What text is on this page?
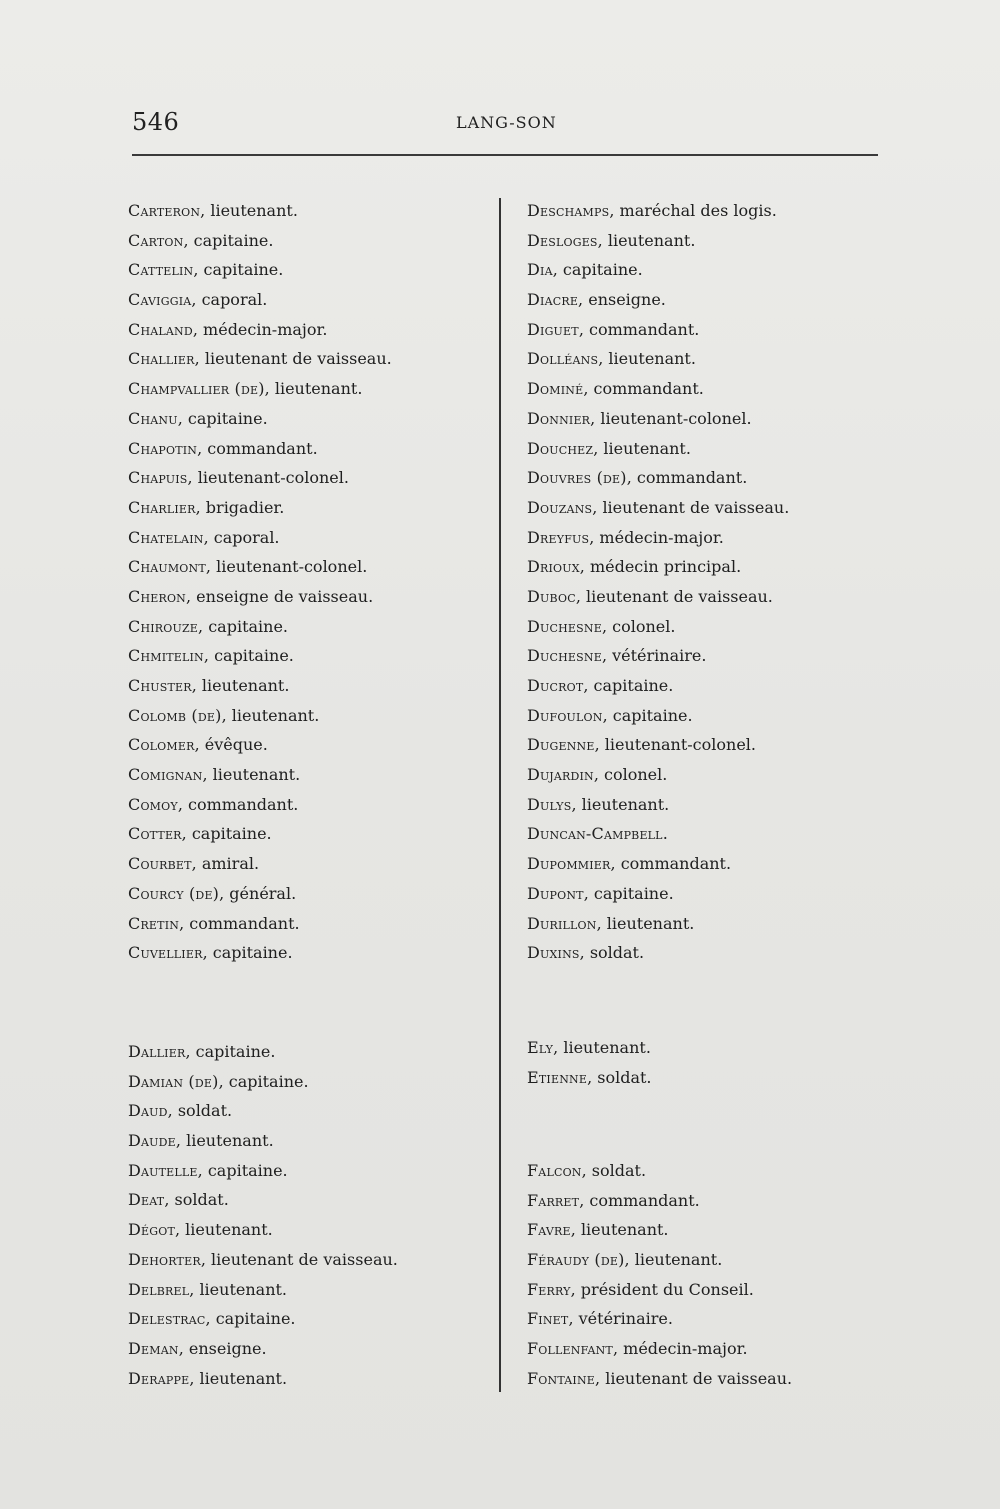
546	LANG-SON
Carteron, lieutenant.
Carton, capitaine.
Cattelin, capitaine.
Caviggia, caporal.
Chaland, médecin-major.
Challier, lieutenant de vaisseau.
Champvallier (de), lieutenant.
Chanu, capitaine.
Chapotin, commandant.
Chapuis, lieutenant-colonel.
Charlier, brigadier.
Chatelain, caporal.
Chaumont, lieutenant-colonel.
Cheron, enseigne de vaisseau.
Chirouze, capitaine.
Chmitelin, capitaine.
Chuster, lieutenant.
Colomb (de), lieutenant.
Colomer, évêque.
Comignan, lieutenant.
Comoy, commandant.
Cotter, capitaine.
Courbet, amiral.
Courcy (de), général.
Cretin, commandant.
Cuvellier, capitaine.
Dallier, capitaine.
Damian (de), capitaine.
Daud, soldat.
Daude, lieutenant.
Dautelle, capitaine.
Deat, soldat.
Dégot, lieutenant.
Dehorter, lieutenant de vaisseau.
Delbrel, lieutenant.
Delestrac, capitaine.
Deman, enseigne.
Derappe, lieutenant.
Deschamps, maréchal des logis.
Desloges, lieutenant.
Dia, capitaine.
Diacre, enseigne.
Diguet, commandant.
Dolléans, lieutenant.
Dominé, commandant.
Donnier, lieutenant-colonel.
Douchez, lieutenant.
Douvres (de), commandant.
Douzans, lieutenant de vaisseau.
Dreyfus, médecin-major.
Drioux, médecin principal.
Duboc, lieutenant de vaisseau.
Duchesne, colonel.
Duchesne, vétérinaire.
Ducrot, capitaine.
Dufoulon, capitaine.
Dugenne, lieutenant-colonel.
Dujardin, colonel.
Dulys, lieutenant.
Duncan-Campbell.
Dupommier, commandant.
Dupont, capitaine.
Durillon, lieutenant.
Duxins, soldat.
Ely, lieutenant.
Etienne, soldat.
Falcon, soldat.
Farret, commandant.
Favre, lieutenant.
Féraudy (de), lieutenant.
Ferry, président du Conseil.
Finet, vétérinaire.
Follenfant, médecin-major.
Fontaine, lieutenant de vaisseau.
